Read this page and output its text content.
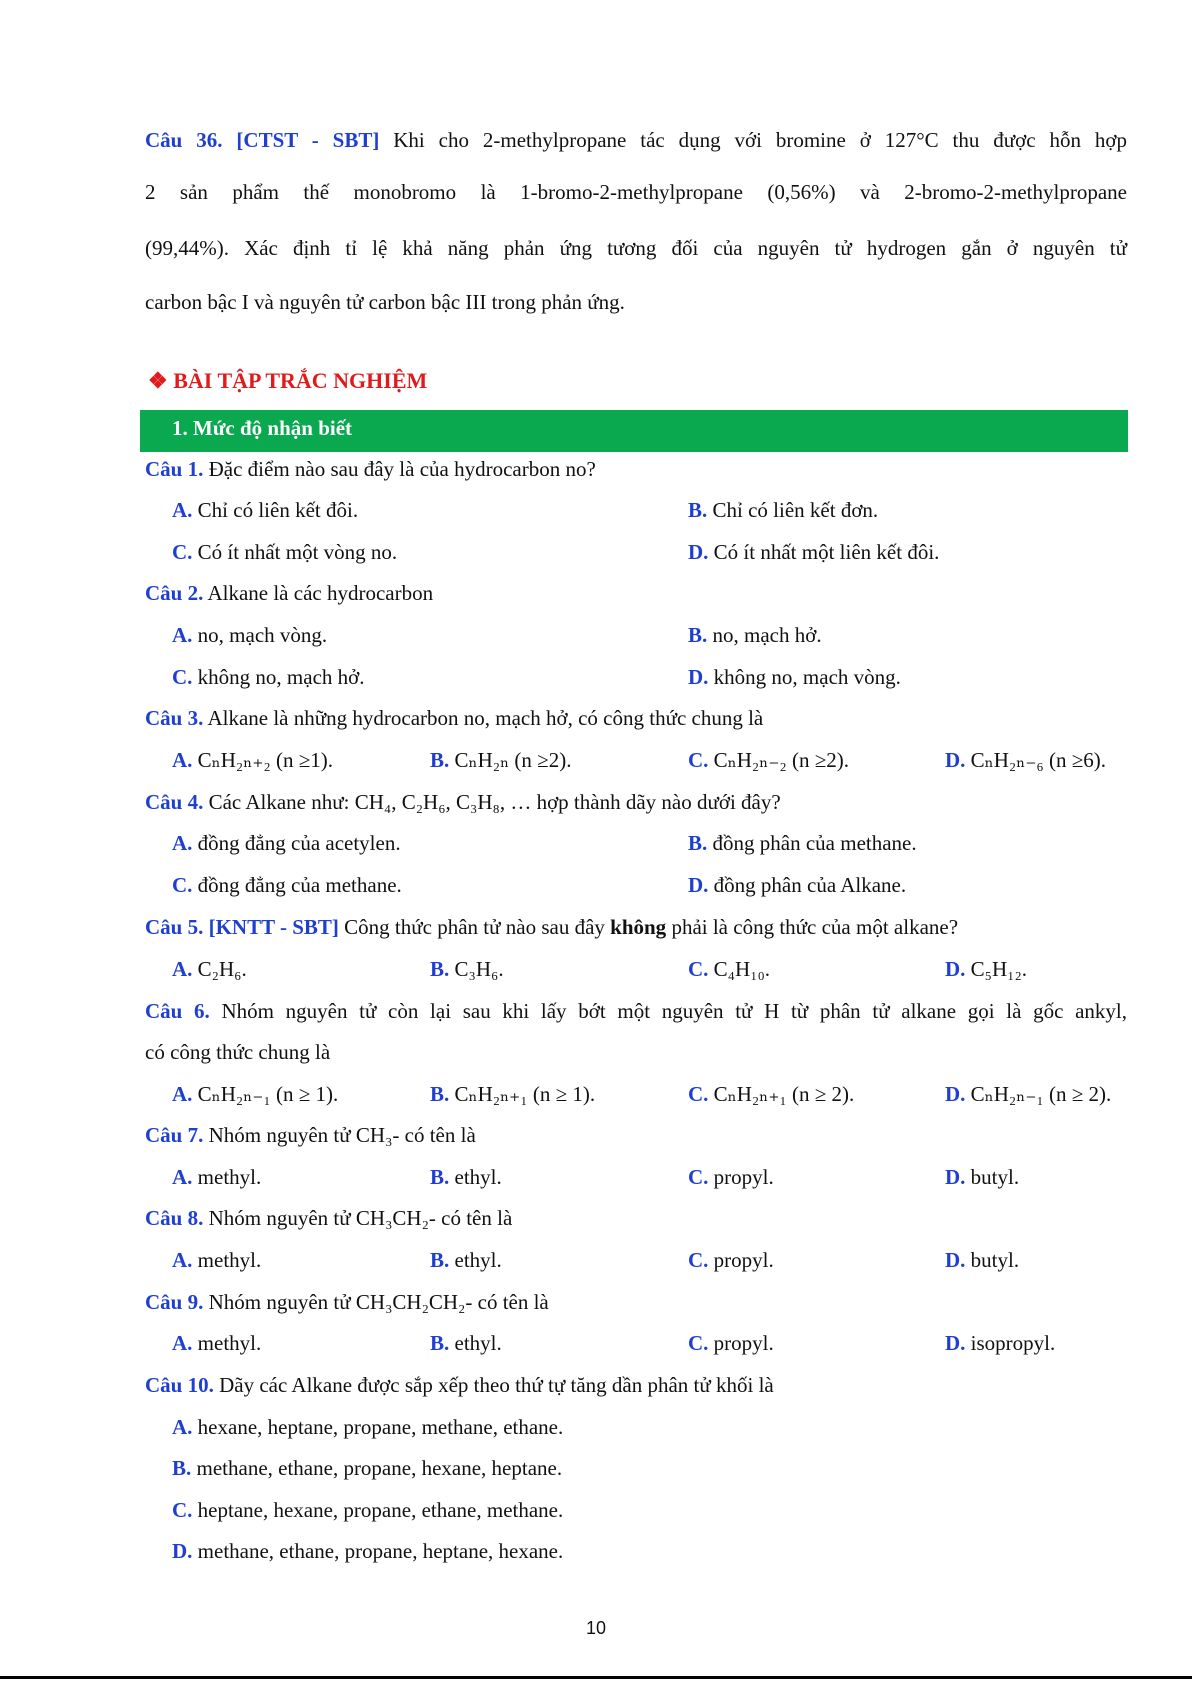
Câu 36. [CTST - SBT] Khi cho 2-methylpropane tác dụng với bromine ở 127°C thu được hỗn hợp
2 sản phẩm thế monobromo là 1-bromo-2-methylpropane (0,56%) và 2-bromo-2-methylpropane
(99,44%). Xác định tỉ lệ khả năng phản ứng tương đối của nguyên tử hydrogen gắn ở nguyên tử
carbon bậc I và nguyên tử carbon bậc III trong phản ứng.
❖ BÀI TẬP TRẮC NGHIỆM
1. Mức độ nhận biết
Câu 1. Đặc điểm nào sau đây là của hydrocarbon no?
A. Chỉ có liên kết đôi.	B. Chỉ có liên kết đơn.
C. Có ít nhất một vòng no.	D. Có ít nhất một liên kết đôi.
Câu 2. Alkane là các hydrocarbon
A. no, mạch vòng.	B. no, mạch hở.
C. không no, mạch hở.	D. không no, mạch vòng.
Câu 3. Alkane là những hydrocarbon no, mạch hở, có công thức chung là
A. CₙH₂ₙ₊₂ (n ≥1).	B. CₙH₂ₙ (n ≥2).	C. CₙH₂ₙ₋₂ (n ≥2).	D. CₙH₂ₙ₋₆ (n ≥6).
Câu 4. Các Alkane như: CH₄, C₂H₆, C₃H₈, … hợp thành dãy nào dưới đây?
A. đồng đẳng của acetylen.	B. đồng phân của methane.
C. đồng đẳng của methane.	D. đồng phân của Alkane.
Câu 5. [KNTT - SBT] Công thức phân tử nào sau đây không phải là công thức của một alkane?
A. C₂H₆.	B. C₃H₆.	C. C₄H₁₀.	D. C₅H₁₂.
Câu 6. Nhóm nguyên tử còn lại sau khi lấy bớt một nguyên tử H từ phân tử alkane gọi là gốc ankyl,
có công thức chung là
A. CₙH₂ₙ₋₁ (n ≥ 1).	B. CₙH₂ₙ₊₁ (n ≥ 1).	C. CₙH₂ₙ₊₁ (n ≥ 2).	D. CₙH₂ₙ₋₁ (n ≥ 2).
Câu 7. Nhóm nguyên tử CH₃- có tên là
A. methyl.	B. ethyl.	C. propyl.	D. butyl.
Câu 8. Nhóm nguyên tử CH₃CH₂- có tên là
A. methyl.	B. ethyl.	C. propyl.	D. butyl.
Câu 9. Nhóm nguyên tử CH₃CH₂CH₂- có tên là
A. methyl.	B. ethyl.	C. propyl.	D. isopropyl.
Câu 10. Dãy các Alkane được sắp xếp theo thứ tự tăng dần phân tử khối là
A. hexane, heptane, propane, methane, ethane.
B. methane, ethane, propane, hexane, heptane.
C. heptane, hexane, propane, ethane, methane.
D. methane, ethane, propane, heptane, hexane.
10
